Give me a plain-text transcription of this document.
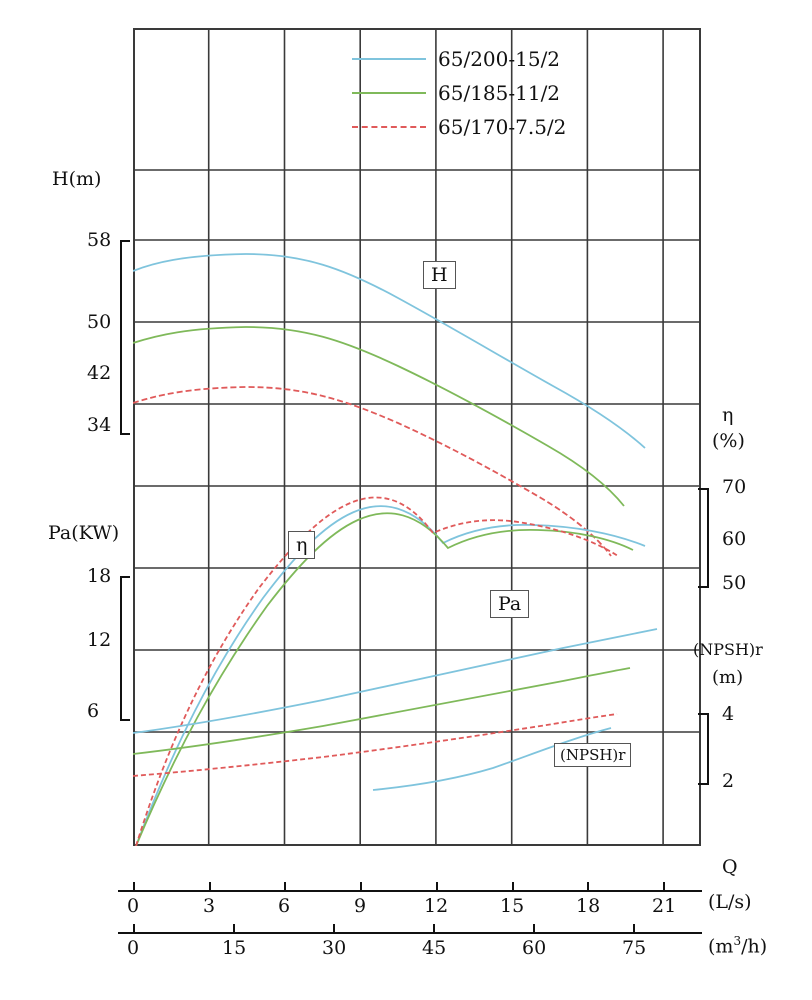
H
η
Pa
(NPSH)r
65/200-15/2
65/185-11/2
65/170-7.5/2
H(m)
Pa(KW)
58
50
42
34
18
12
6
η
(%)
70
60
50
(NPSH)r
(m)
4
2
0	3	6	9	12	15	18	21
Q
(L/s)
0	15	30	45	60	75	$(m^3/h)$
